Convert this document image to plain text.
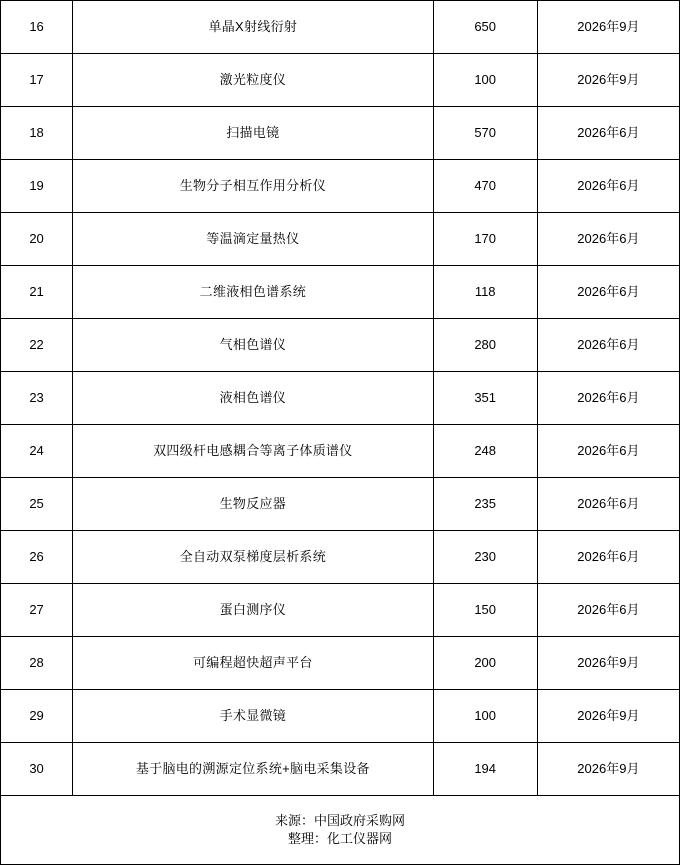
16	单晶X射线衍射	650	2026年9月
17	激光粒度仪	100	2026年9月
18	扫描电镜	570	2026年6月
19	生物分子相互作用分析仪	470	2026年6月
20	等温滴定量热仪	170	2026年6月
21	二维液相色谱系统	118	2026年6月
22	气相色谱仪	280	2026年6月
23	液相色谱仪	351	2026年6月
24	双四级杆电感耦合等离子体质谱仪	248	2026年6月
25	生物反应器	235	2026年6月
26	全自动双泵梯度层析系统	230	2026年6月
27	蛋白测序仪	150	2026年6月
28	可编程超快超声平台	200	2026年9月
29	手术显微镜	100	2026年9月
30	基于脑电的溯源定位系统+脑电采集设备	194	2026年9月

来源：中国政府采购网
整理：化工仪器网			
